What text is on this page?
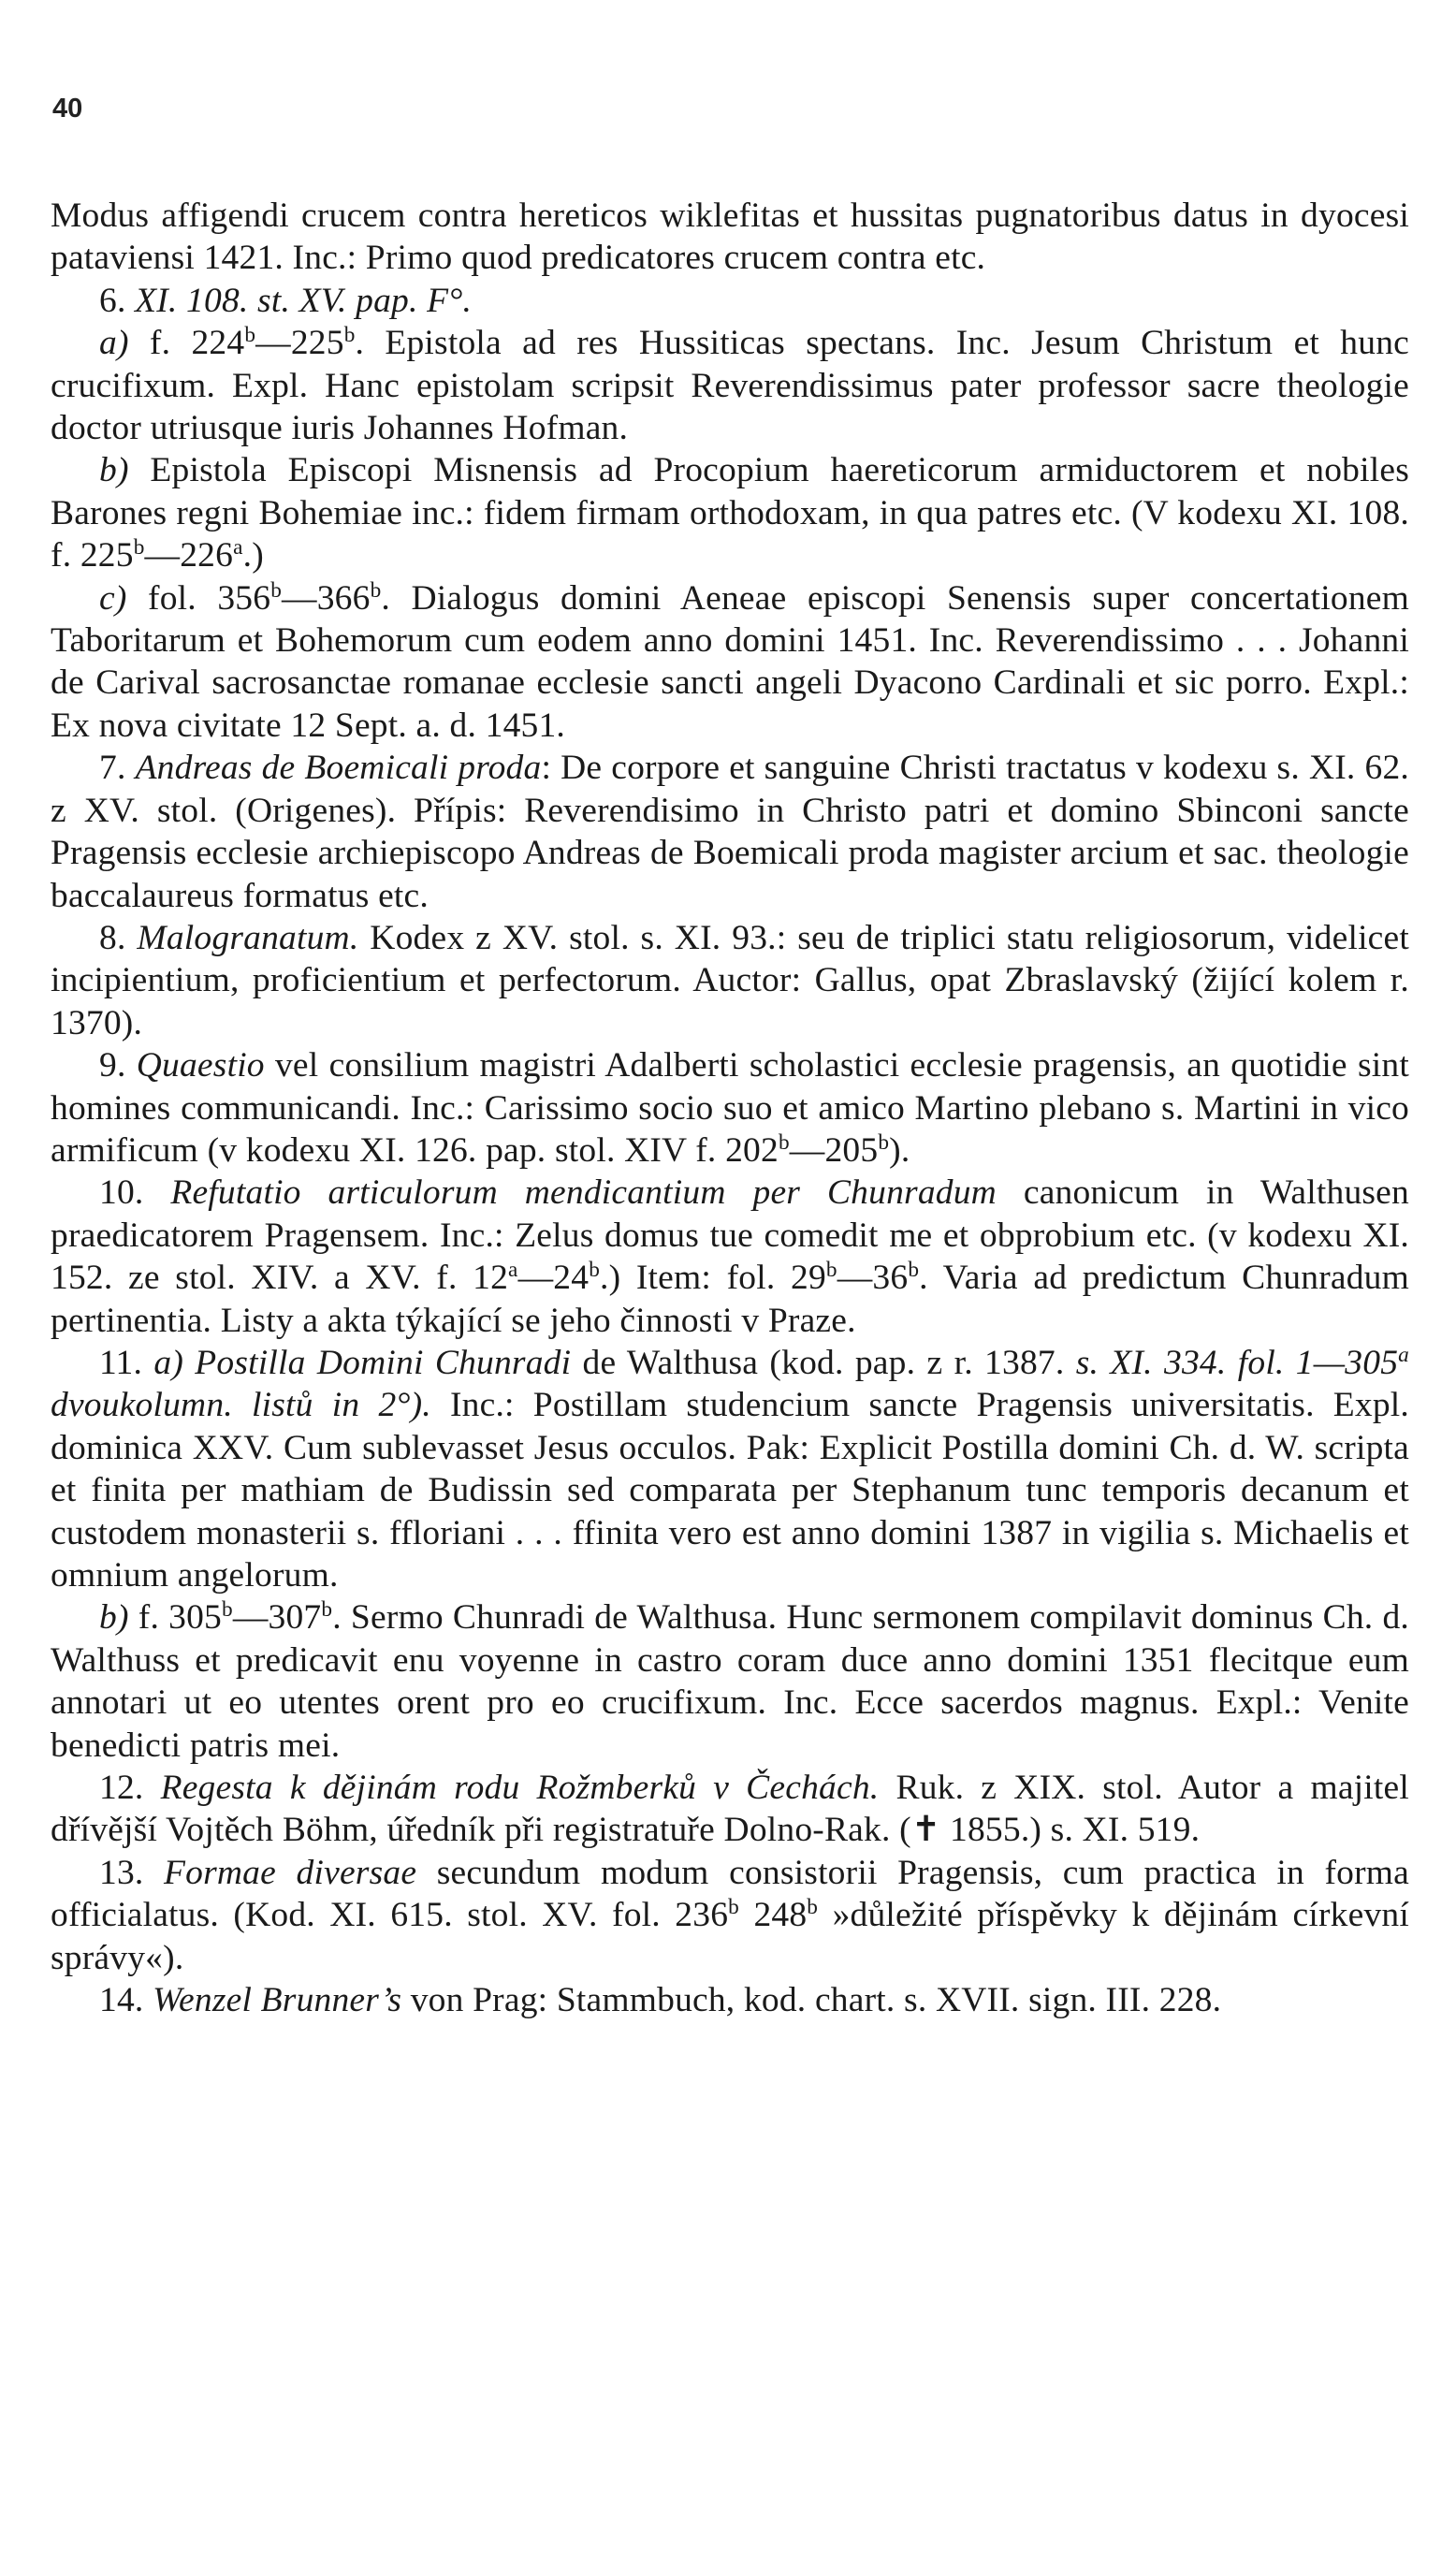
40

Modus affigendi crucem contra hereticos wiklefitas et hussitas pugnatoribus datus in dyocesi pataviensi 1421. Inc.: Primo quod predicatores crucem contra etc.

6. XI. 108. st. XV. pap. F°.

a) f. 224$^b$—225$^b$. Epistola ad res Hussiticas spectans. Inc. Jesum Christum et hunc crucifixum. Expl. Hanc epistolam scripsit Reverendissimus pater professor sacre theologie doctor utriusque iuris Johannes Hofman.

b) Epistola Episcopi Misnensis ad Procopium haereticorum armiductorem et nobiles Barones regni Bohemiae inc.: fidem firmam orthodoxam, in qua patres etc. (V kodexu XI. 108. f. 225$^b$—226$^a$.)

c) fol. 356$^b$—366$^b$. Dialogus domini Aeneae episcopi Senensis super concertationem Taboritarum et Bohemorum cum eodem anno domini 1451. Inc. Reverendissimo . . . Johanni de Carival sacrosanctae romanae ecclesie sancti angeli Dyacono Cardinali et sic porro. Expl.: Ex nova civitate 12 Sept. a. d. 1451.

7. Andreas de Boemicali proda: De corpore et sanguine Christi tractatus v kodexu s. XI. 62. z XV. stol. (Origenes). Přípis: Reverendisimo in Christo patri et domino Sbinconi sancte Pragensis ecclesie archiepiscopo Andreas de Boemicali proda magister arcium et sac. theologie baccalaureus formatus etc.

8. Malogranatum. Kodex z XV. stol. s. XI. 93.: seu de triplici statu religiosorum, videlicet incipientium, proficientium et perfectorum. Auctor: Gallus, opat Zbraslavský (žijící kolem r. 1370).

9. Quaestio vel consilium magistri Adalberti scholastici ecclesie pragensis, an quotidie sint homines communicandi. Inc.: Carissimo socio suo et amico Martino plebano s. Martini in vico armificum (v kodexu XI. 126. pap. stol. XIV f. 202$^b$—205$^b$).

10. Refutatio articulorum mendicantium per Chunradum canonicum in Walthusen praedicatorem Pragensem. Inc.: Zelus domus tue comedit me et obprobium etc. (v kodexu XI. 152. ze stol. XIV. a XV. f. 12$^a$—24$^b$.) Item: fol. 29$^b$—36$^b$. Varia ad predictum Chunradum pertinentia. Listy a akta týkající se jeho činnosti v Praze.

11. a) Postilla Domini Chunradi de Walthusa (kod. pap. z r. 1387. s. XI. 334. fol. 1—305$^a$ dvoukolumn. listů in 2°). Inc.: Postillam studencium sancte Pragensis universitatis. Expl. dominica XXV. Cum sublevasset Jesus occulos. Pak: Explicit Postilla domini Ch. d. W. scripta et finita per mathiam de Budissin sed comparata per Stephanum tunc temporis decanum et custodem monasterii s. ffloriani . . . ffinita vero est anno domini 1387 in vigilia s. Michaelis et omnium angelorum.

b) f. 305$^b$—307$^b$. Sermo Chunradi de Walthusa. Hunc sermonem compilavit dominus Ch. d. Walthuss et predicavit enu voyenne in castro coram duce anno domini 1351 flecitque eum annotari ut eo utentes orent pro eo crucifixum. Inc. Ecce sacerdos magnus. Expl.: Venite benedicti patris mei.

12. Regesta k dějinám rodu Rožmberků v Čechách. Ruk. z XIX. stol. Autor a majitel dřívější Vojtěch Böhm, úředník při registratuře Dolno-Rak. (✝ 1855.) s. XI. 519.

13. Formae diversae secundum modum consistorii Pragensis, cum practica in forma officialatus. (Kod. XI. 615. stol. XV. fol. 236$^b$ 248$^b$ »důležité příspěvky k dějinám církevní správy«).

14. Wenzel Brunner’s von Prag: Stammbuch, kod. chart. s. XVII. sign. III. 228.
